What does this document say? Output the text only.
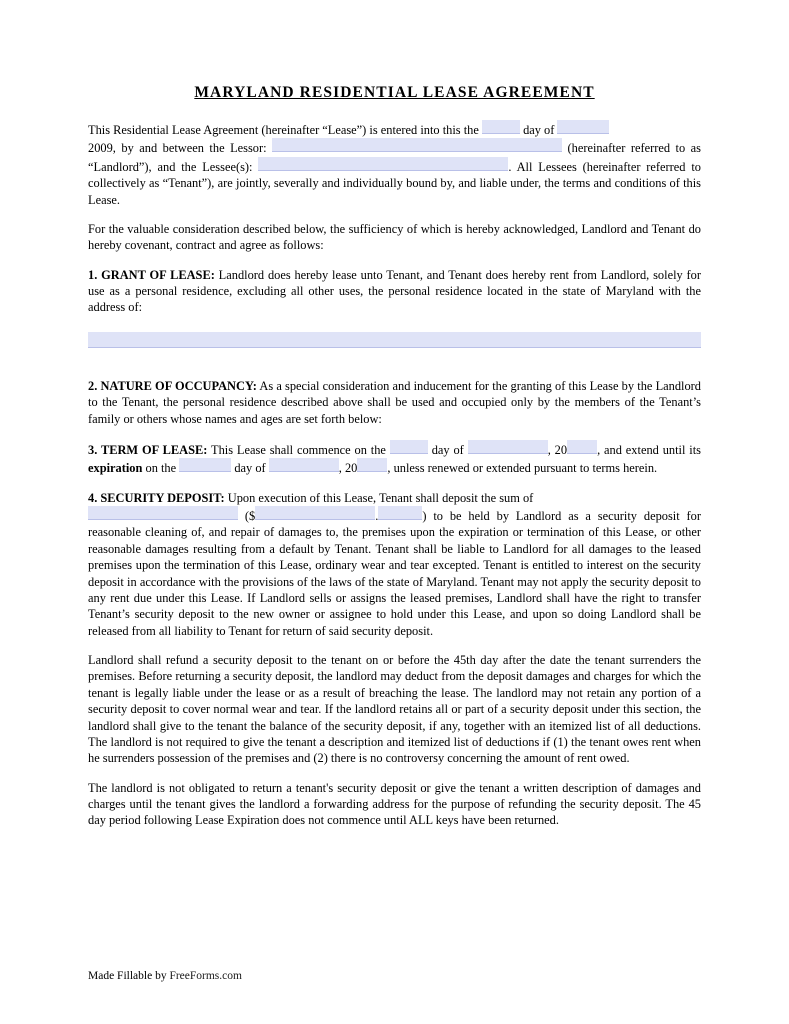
MARYLAND RESIDENTIAL LEASE AGREEMENT

This Residential Lease Agreement (hereinafter “Lease”) is entered into this the	day of
2009, by and between the Lessor:	(hereinafter referred to as “Landlord”), and the Lessee(s):	. All Lessees (hereinafter referred to collectively as “Tenant”), are jointly, severally and individually bound by, and liable under, the terms and conditions of this Lease.

For the valuable consideration described below, the sufficiency of which is hereby acknowledged, Landlord and Tenant do hereby covenant, contract and agree as follows:

1. GRANT OF LEASE: Landlord does hereby lease unto Tenant, and Tenant does hereby rent from Landlord, solely for use as a personal residence, excluding all other uses, the personal residence located in the state of Maryland with the address of:

2. NATURE OF OCCUPANCY: As a special consideration and inducement for the granting of this Lease by the Landlord to the Tenant, the personal residence described above shall be used and occupied only by the members of the Tenant’s family or others whose names and ages are set forth below:

3. TERM OF LEASE: This Lease shall commence on the	day of	, 20 , and extend until its expiration on the	day of	, 20 , unless renewed or extended pursuant to terms herein.

4. SECURITY DEPOSIT: Upon execution of this Lease, Tenant shall deposit the sum of
($	.	) to be held by Landlord as a security deposit for reasonable cleaning of, and repair of damages to, the premises upon the expiration or termination of this Lease, or other reasonable damages resulting from a default by Tenant. Tenant shall be liable to Landlord for all damages to the leased premises upon the termination of this Lease, ordinary wear and tear excepted. Tenant is entitled to interest on the security deposit in accordance with the provisions of the laws of the state of Maryland. Tenant may not apply the security deposit to any rent due under this Lease. If Landlord sells or assigns the leased premises, Landlord shall have the right to transfer Tenant’s security deposit to the new owner or assignee to hold under this Lease, and upon so doing Landlord shall be released from all liability to Tenant for return of said security deposit.

Landlord shall refund a security deposit to the tenant on or before the 45th day after the date the tenant surrenders the premises. Before returning a security deposit, the landlord may deduct from the deposit damages and charges for which the tenant is legally liable under the lease or as a result of breaching the lease. The landlord may not retain any portion of a security deposit to cover normal wear and tear. If the landlord retains all or part of a security deposit under this section, the landlord shall give to the tenant the balance of the security deposit, if any, together with an itemized list of all deductions. The landlord is not required to give the tenant a description and itemized list of deductions if (1) the tenant owes rent when he surrenders possession of the premises and (2) there is no controversy concerning the amount of rent owed.

The landlord is not obligated to return a tenant's security deposit or give the tenant a written description of damages and charges until the tenant gives the landlord a forwarding address for the purpose of refunding the security deposit. The 45 day period following Lease Expiration does not commence until ALL keys have been returned.

Made Fillable by FreeForms.com
